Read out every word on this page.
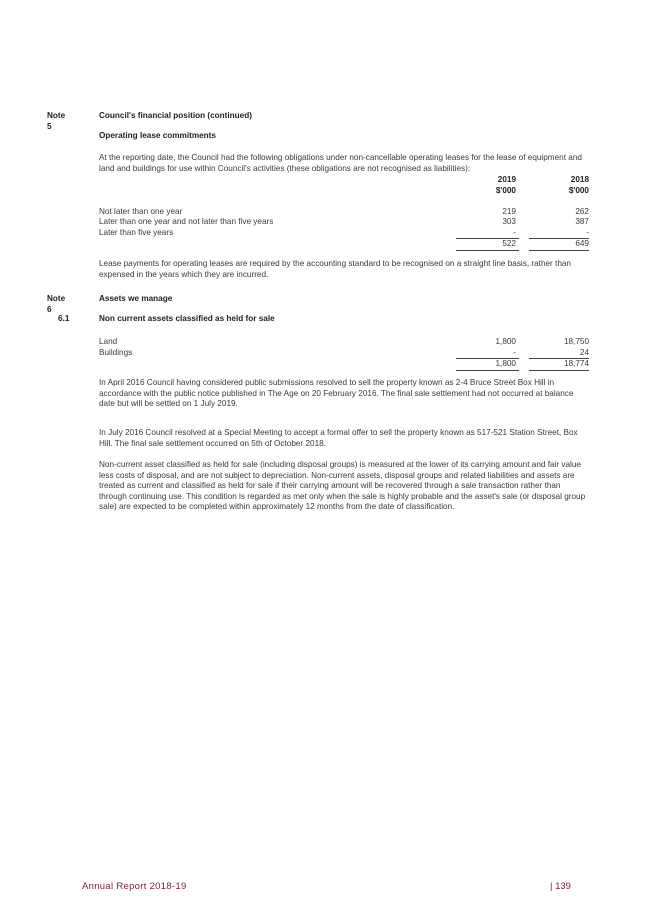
Note 5
Council's financial position (continued)
Operating lease commitments
At the reporting date, the Council had the following obligations under non-cancellable operating leases for the lease of equipment and land and buildings for use within Council's activities (these obligations are not recognised as liabilities):
	2019		2018
	$'000		$'000

Not later than one year	219		262
Later than one year and not later than five years	303		387
Later than five years	-		-
	522		649
Lease payments for operating leases are required by the accounting standard to be recognised on a straight line basis, rather than expensed in the years which they are incurred.
Note 6
Assets we manage
6.1	Non current assets classified as held for sale
Land	1,800		18,750
Buildings	-		24
	1,800		18,774
In April 2016 Council having considered public submissions resolved to sell the property known as 2-4 Bruce Street Box Hill in accordance with the public notice published in The Age on 20 February 2016. The final sale settlement had not occurred at balance date but will be settled on 1 July 2019.
In July 2016 Council resolved at a Special Meeting to accept a formal offer to sell the property known as 517-521 Station Street, Box Hill. The final sale settlement occurred on 5th of October 2018.
Non-current asset classified as held for sale (including disposal groups) is measured at the lower of its carrying amount and fair value less costs of disposal, and are not subject to depreciation. Non-current assets, disposal groups and related liabilities and assets are treated as current and classified as held for sale if their carrying amount will be recovered through a sale transaction rather than through continuing use. This condition is regarded as met only when the sale is highly probable and the asset's sale (or disposal group sale) are expected to be completed within approximately 12 months from the date of classification.
Annual Report 2018-19	| 139
